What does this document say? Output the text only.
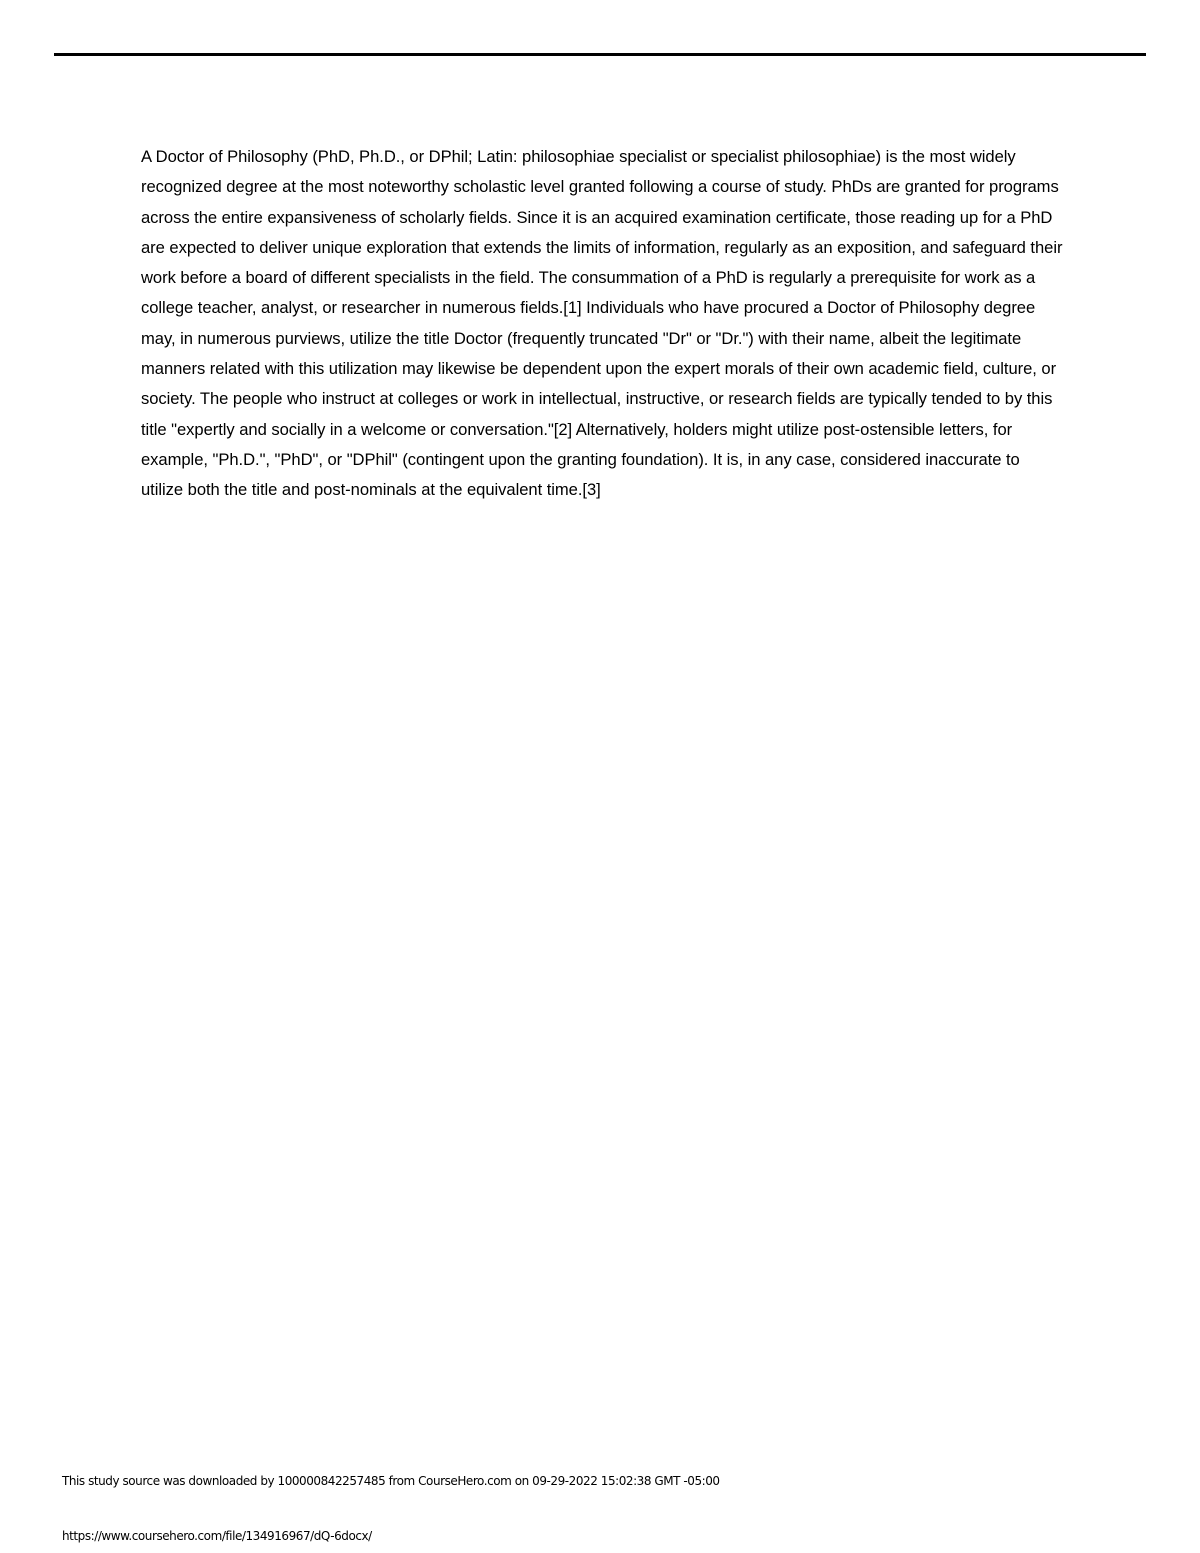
A Doctor of Philosophy (PhD, Ph.D., or DPhil; Latin: philosophiae specialist or specialist philosophiae) is the most widely recognized degree at the most noteworthy scholastic level granted following a course of study. PhDs are granted for programs across the entire expansiveness of scholarly fields. Since it is an acquired examination certificate, those reading up for a PhD are expected to deliver unique exploration that extends the limits of information, regularly as an exposition, and safeguard their work before a board of different specialists in the field. The consummation of a PhD is regularly a prerequisite for work as a college teacher, analyst, or researcher in numerous fields.[1] Individuals who have procured a Doctor of Philosophy degree may, in numerous purviews, utilize the title Doctor (frequently truncated "Dr" or "Dr.") with their name, albeit the legitimate manners related with this utilization may likewise be dependent upon the expert morals of their own academic field, culture, or society. The people who instruct at colleges or work in intellectual, instructive, or research fields are typically tended to by this title "expertly and socially in a welcome or conversation."[2] Alternatively, holders might utilize post-ostensible letters, for example, "Ph.D.", "PhD", or "DPhil" (contingent upon the granting foundation). It is, in any case, considered inaccurate to utilize both the title and post-nominals at the equivalent time.[3]

This study source was downloaded by 100000842257485 from CourseHero.com on 09-29-2022 15:02:38 GMT -05:00

https://www.coursehero.com/file/134916967/dQ-6docx/
